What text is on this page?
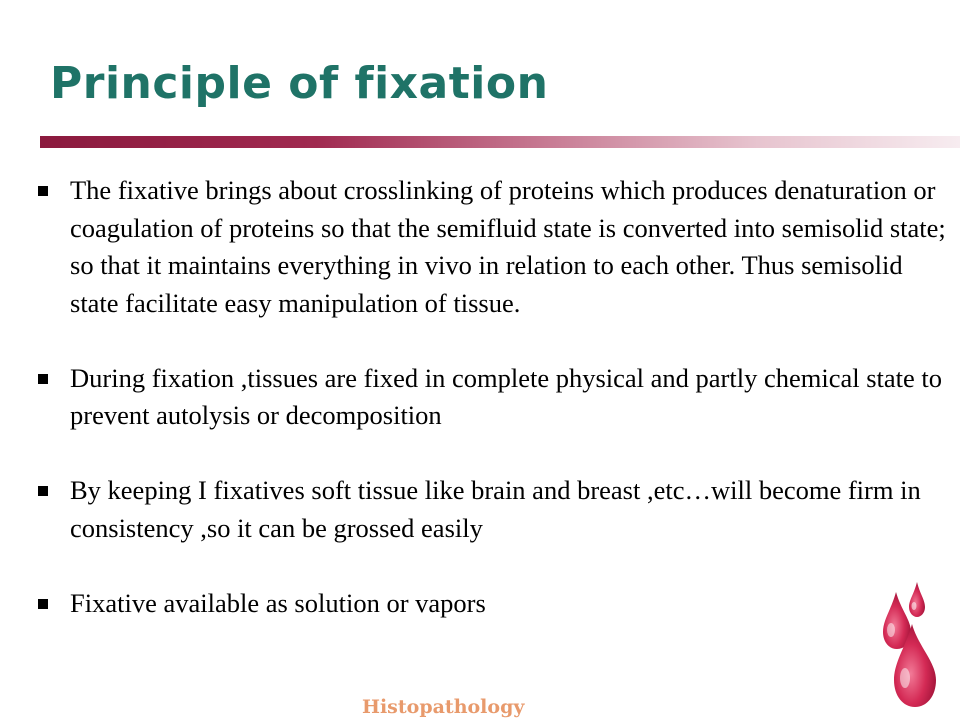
Principle of fixation
The fixative brings about crosslinking of proteins which produces denaturation or coagulation of proteins so that the semifluid state is converted into semisolid state; so that it maintains everything in vivo in relation to each other. Thus semisolid state facilitate easy manipulation of tissue.
During fixation ,tissues are fixed in complete physical and partly chemical state to prevent autolysis or decomposition
By keeping I fixatives soft tissue like brain and breast ,etc…will become firm in consistency ,so it can be grossed easily
Fixative available as solution or vapors
Histopathology
